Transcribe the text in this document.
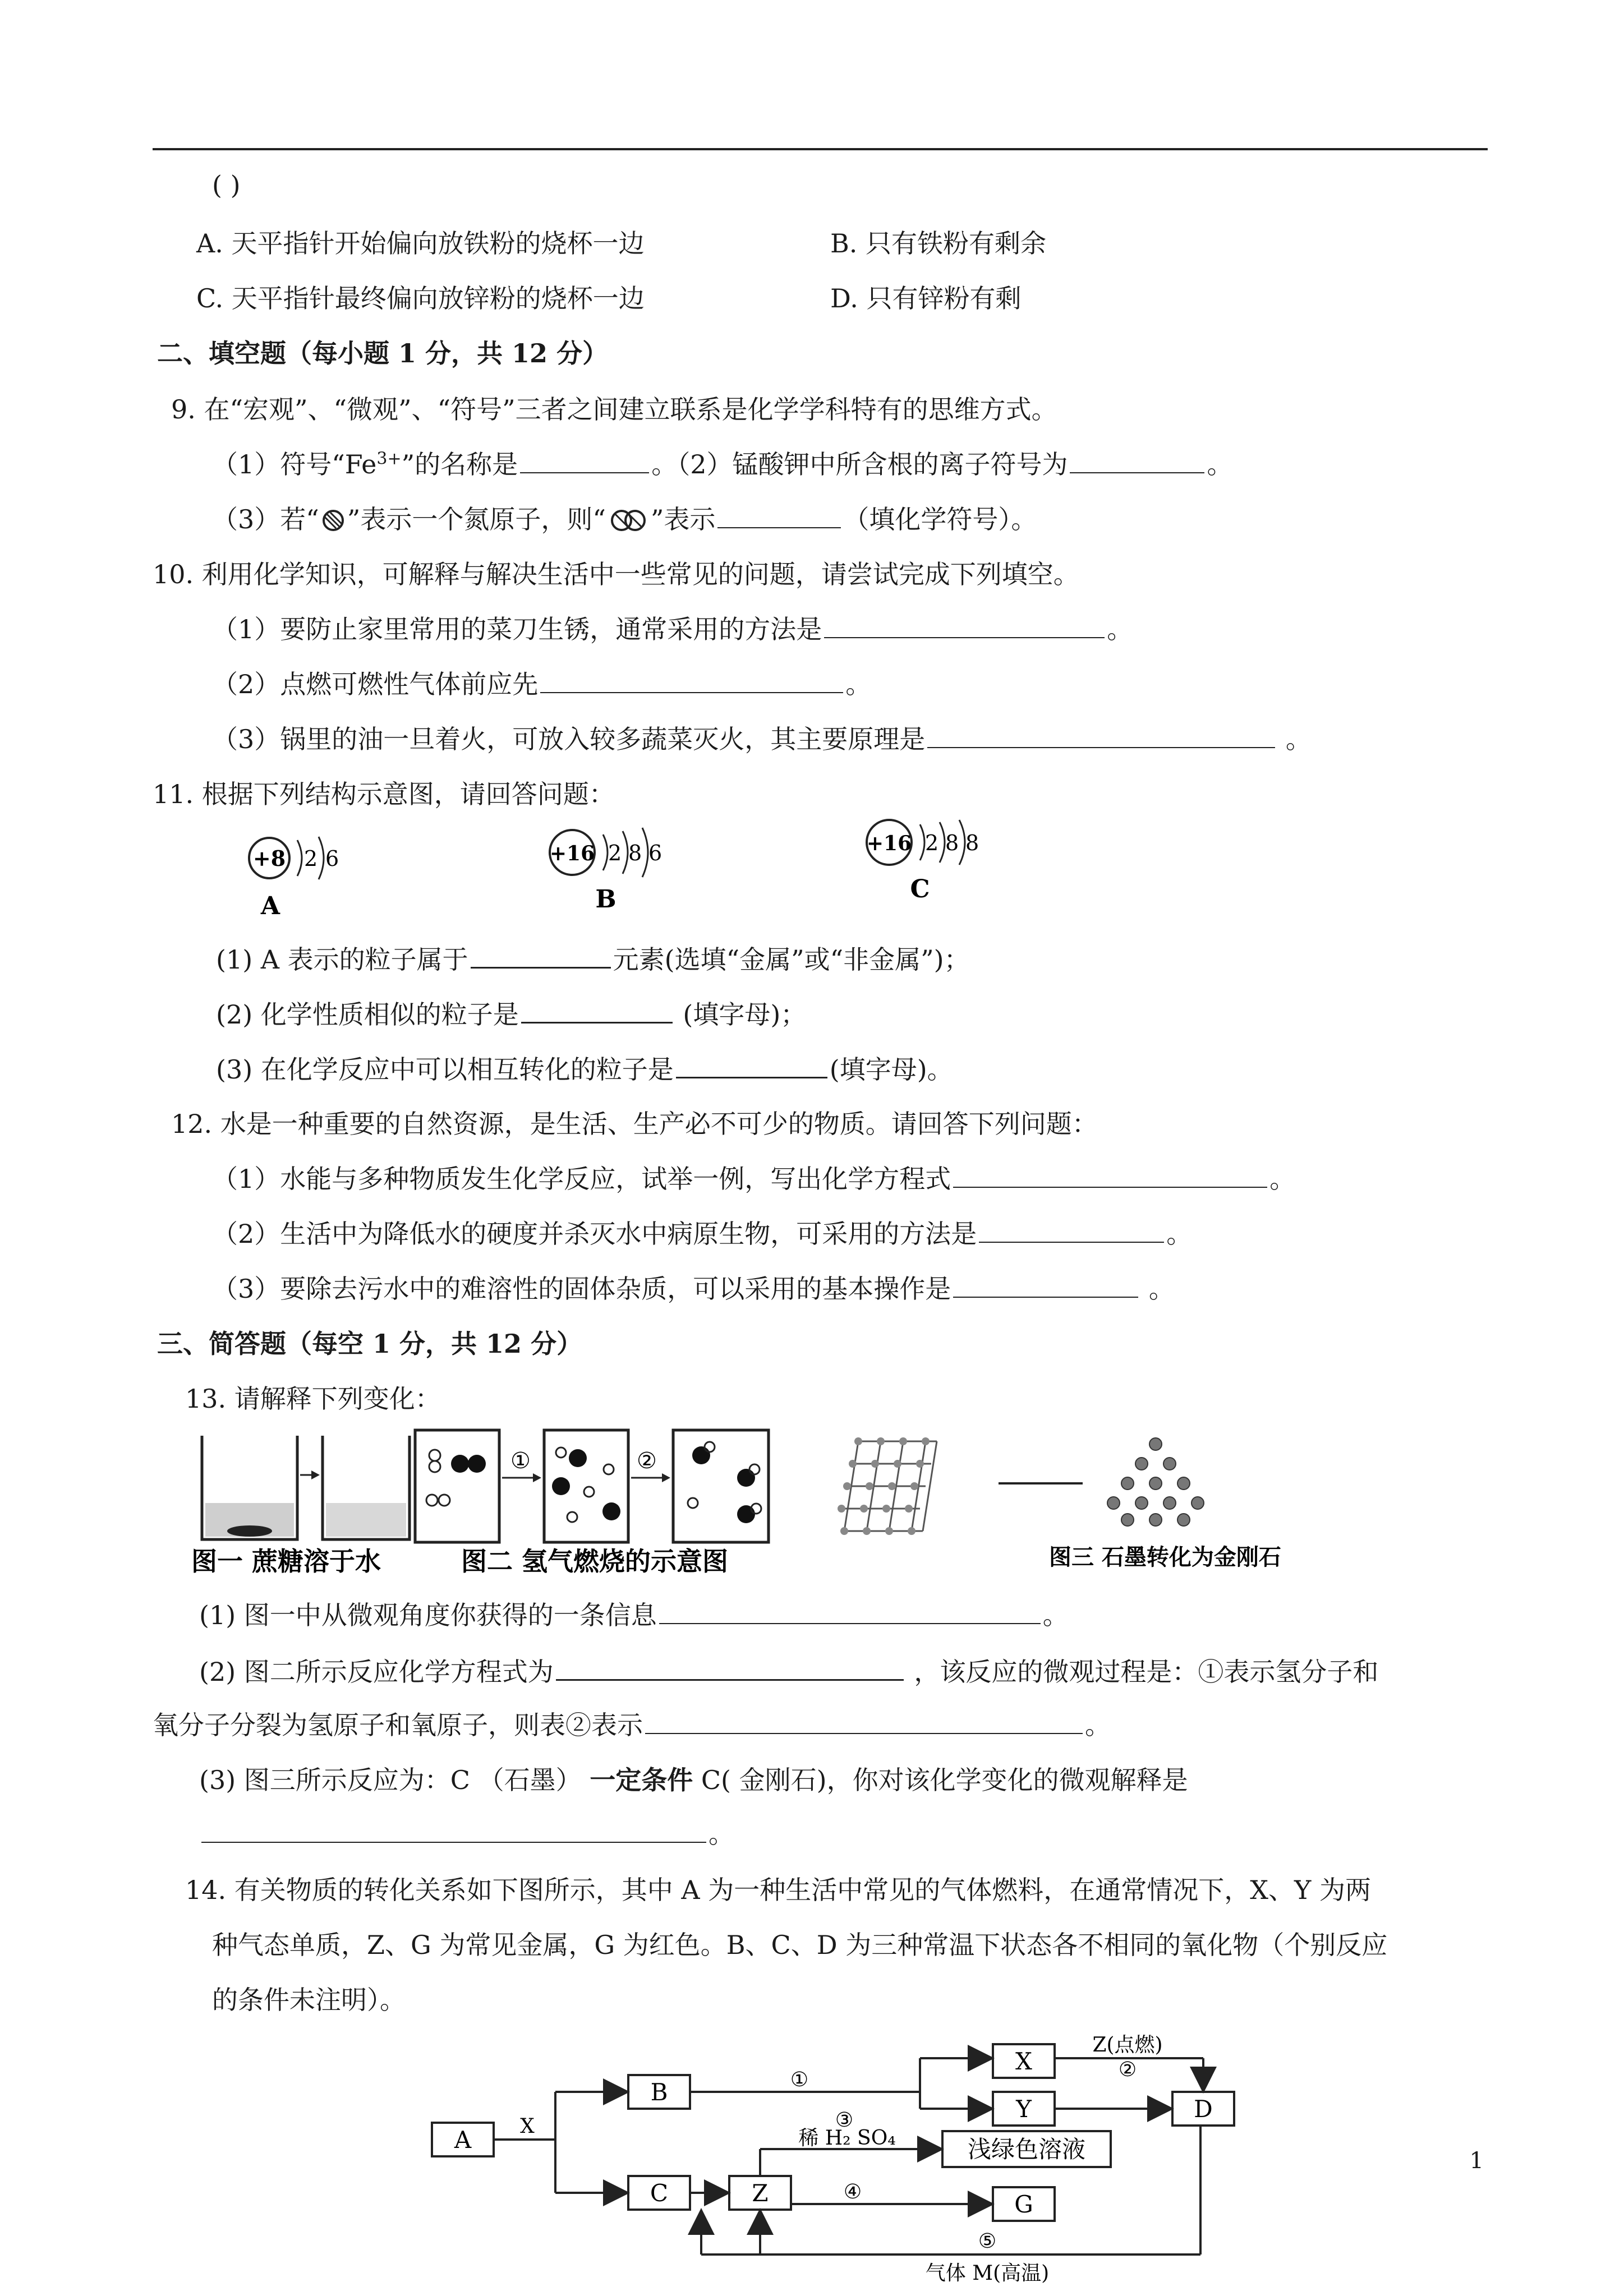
( )
A. 天平指针开始偏向放铁粉的烧杯一边	B. 只有铁粉有剩余
C. 天平指针最终偏向放锌粉的烧杯一边	D. 只有锌粉有剩
二、填空题（每小题 1 分，共 12 分）
9. 在“宏观”、“微观”、“符号”三者之间建立联系是化学学科特有的思维方式。
（1）符号“$Fe^{3+}$”的名称是	。（2）锰酸钾中所含根的离子符号为	。
（3）若“ ”表示一个氮原子，则“ ”表示	（填化学符号）。
10. 利用化学知识，可解释与解决生活中一些常见的问题，请尝试完成下列填空。
（1）要防止家里常用的菜刀生锈，通常采用的方法是	。
（2）点燃可燃性气体前应先	。
（3）锅里的油一旦着火，可放入较多蔬菜灭火，其主要原理是	。
11. 根据下列结构示意图，请回答问题：
+8 2 6
A
+16 2 8 6
B
+16 2 8 8
C
(1) A 表示的粒子属于	元素(选填“金属”或“非金属”)；
(2) 化学性质相似的粒子是	(填字母)；
(3) 在化学反应中可以相互转化的粒子是	(填字母)。
12. 水是一种重要的自然资源，是生活、生产必不可少的物质。请回答下列问题：
（1）水能与多种物质发生化学反应，试举一例，写出化学方程式	。
（2）生活中为降低水的硬度并杀灭水中病原生物，可采用的方法是	。
（3）要除去污水中的难溶性的固体杂质，可以采用的基本操作是	。
三、简答题（每空 1 分，共 12 分）
13. 请解释下列变化：
图一 蔗糖溶于水
①	②
图二 氢气燃烧的示意图	图三 石墨转化为金刚石
(1) 图一中从微观角度你获得的一条信息	。
(2) 图二所示反应化学方程式为	，该反应的微观过程是：①表示氢分子和
氧分子分裂为氢原子和氧原子，则表②表示	。
(3) 图三所示反应为：C （石墨） 一定条件 C( 金刚石)，你对该化学变化的微观解释是
。
14. 有关物质的转化关系如下图所示，其中 A 为一种生活中常见的气体燃料，在通常情况下，X、Y 为两
种气态单质，Z、G 为常见金属，G 为红色。B、C、D 为三种常温下状态各不相同的氧化物（个别反应
的条件未注明）。
A
B
C	Z
X
Y
浅绿色溶液
G
D
X
①
Z(点燃)
②
③
稀 H₂ SO₄
④
⑤
气体 M(高温)
1
